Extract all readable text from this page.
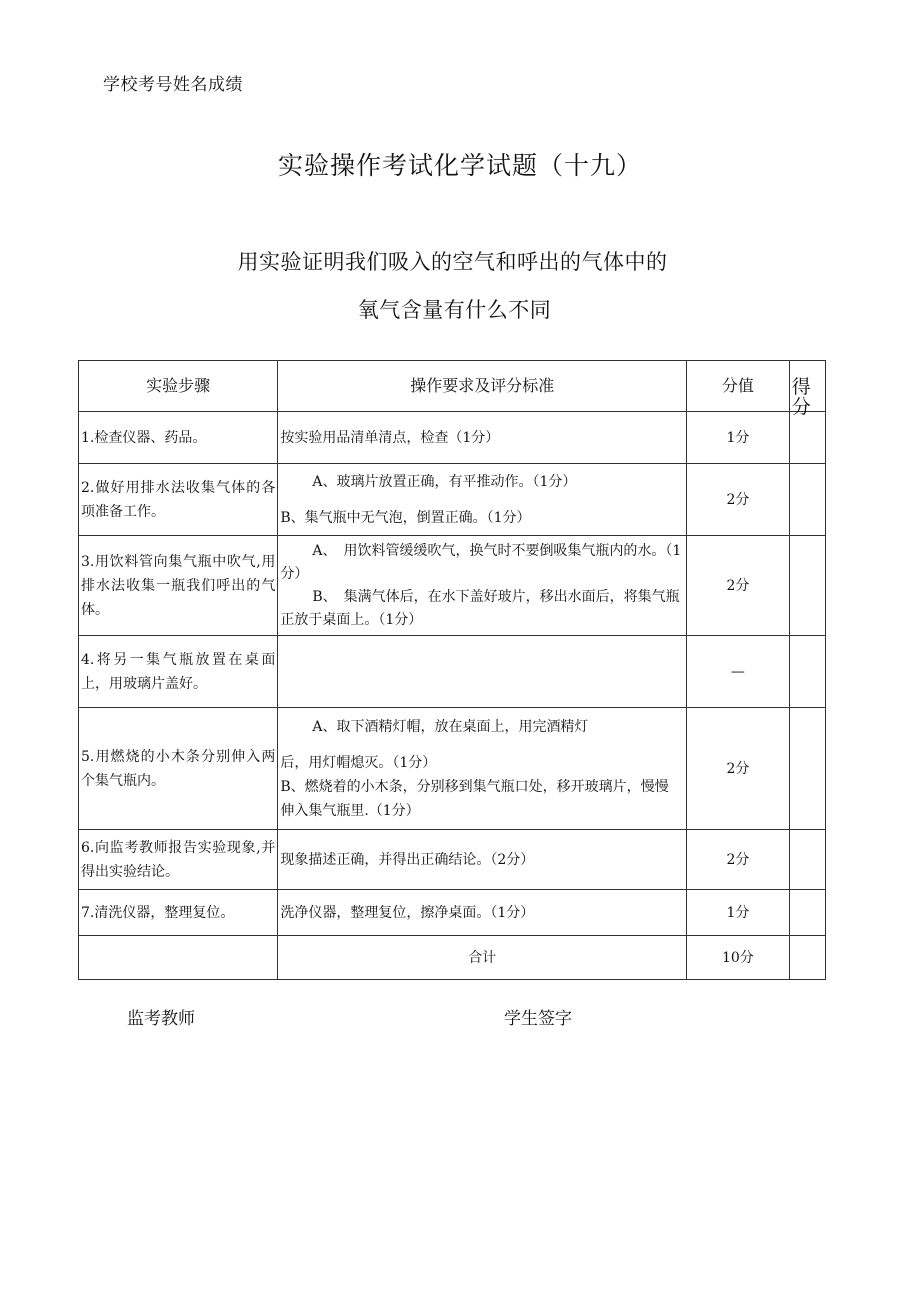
学校考号姓名成绩
实验操作考试化学试题（十九）
用实验证明我们吸入的空气和呼出的气体中的
氧气含量有什么不同
实验步骤	操作要求及评分标准	分值	得分

1.检查仪器、药品。	按实验用品清单清点，检查（1分）	1分	
2.做好用排水法收集气体的各项准备工作。	A、玻璃片放置正确，有平推动作。（1分）
B、集气瓶中无气泡，倒置正确。（1分）	2分	
3.用饮料管向集气瓶中吹气,用排水法收集一瓶我们呼出的气体。	A、　用饮料管缓缓吹气，换气时不要倒吸集气瓶内的水。（1分）
B、　集满气体后，在水下盖好玻片，移出水面后，将集气瓶正放于桌面上。（1分）	2分	
4.将另一集气瓶放置在桌面上，用玻璃片盖好。		—	
5.用燃烧的小木条分别伸入两个集气瓶内。	A、取下酒精灯帽，放在桌面上，用完酒精灯
后，用灯帽熄灭。（1分）
B、燃烧着的小木条，分别移到集气瓶口处，移开玻璃片，慢慢伸入集气瓶里.（1分）	2分	
6.向监考教师报告实验现象,并得出实验结论。	现象描述正确，并得出正确结论。（2分）	2分	
7.清洗仪器，整理复位。	洗净仪器，整理复位，擦净桌面。（1分）	1分	
	合计	10分	
监考教师	学生签字
